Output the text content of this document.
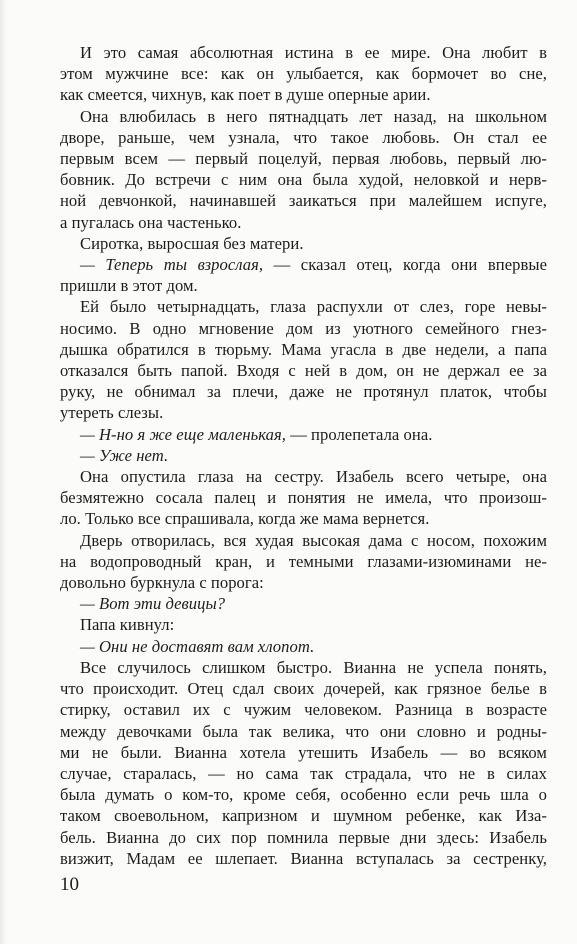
И это самая абсолютная истина в ее мире. Она любит в
этом мужчине все: как он улыбается, как бормочет во сне,
как смеется, чихнув, как поет в душе оперные арии.

Она влюбилась в него пятнадцать лет назад, на школьном
дворе, раньше, чем узнала, что такое любовь. Он стал ее
первым всем — первый поцелуй, первая любовь, первый лю-
бовник. До встречи с ним она была худой, неловкой и нерв-
ной девчонкой, начинавшей заикаться при малейшем испуге,
а пугалась она частенько.

Сиротка, выросшая без матери.

— Теперь ты взрослая, — сказал отец, когда они впервые
пришли в этот дом.

Ей было четырнадцать, глаза распухли от слез, горе невы-
носимо. В одно мгновение дом из уютного семейного гнез-
дышка обратился в тюрьму. Мама угасла в две недели, а папа
отказался быть папой. Входя с ней в дом, он не держал ее за
руку, не обнимал за плечи, даже не протянул платок, чтобы
утереть слезы.

— Н-но я же еще маленькая, — пролепетала она.

— Уже нет.

Она опустила глаза на сестру. Изабель всего четыре, она
безмятежно сосала палец и понятия не имела, что произош-
ло. Только все спрашивала, когда же мама вернется.

Дверь отворилась, вся худая высокая дама с носом, похожим
на водопроводный кран, и темными глазами-изюминами не-
довольно буркнула с порога:

— Вот эти девицы?

Папа кивнул:

— Они не доставят вам хлопот.

Все случилось слишком быстро. Вианна не успела понять,
что происходит. Отец сдал своих дочерей, как грязное белье в
стирку, оставил их с чужим человеком. Разница в возрасте
между девочками была так велика, что они словно и родны-
ми не были. Вианна хотела утешить Изабель — во всяком
случае, старалась, — но сама так страдала, что не в силах
была думать о ком-то, кроме себя, особенно если речь шла о
таком своевольном, капризном и шумном ребенке, как Иза-
бель. Вианна до сих пор помнила первые дни здесь: Изабель
визжит, Мадам ее шлепает. Вианна вступалась за сестренку,

10
